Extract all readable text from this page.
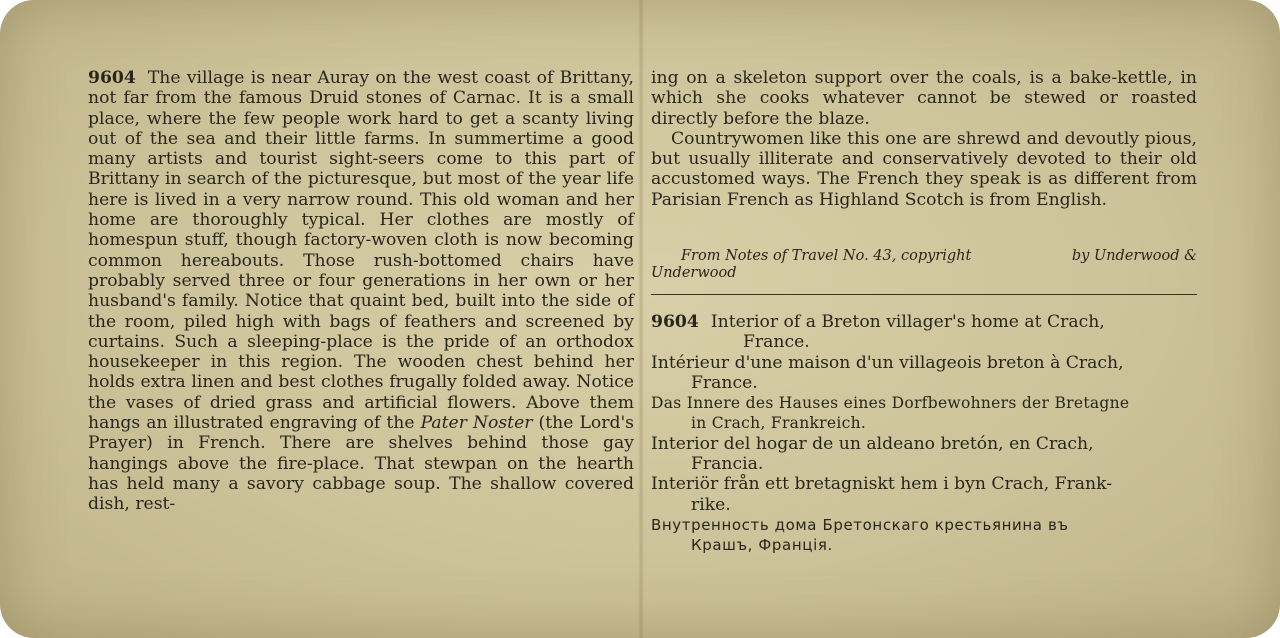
9604 The village is near Auray on the west coast of Brittany, not far from the famous Druid stones of Carnac. It is a small place, where the few people work hard to get a scanty living out of the sea and their little farms. In summertime a good many artists and tourist sight-seers come to this part of Brittany in search of the picturesque, but most of the year life here is lived in a very narrow round. This old woman and her home are thoroughly typical. Her clothes are mostly of homespun stuff, though factory-woven cloth is now becoming common hereabouts. Those rush-bottomed chairs have probably served three or four generations in her own or her husband's family. Notice that quaint bed, built into the side of the room, piled high with bags of feathers and screened by curtains. Such a sleeping-place is the pride of an orthodox housekeeper in this region. The wooden chest behind her holds extra linen and best clothes frugally folded away. Notice the vases of dried grass and artificial flowers. Above them hangs an illustrated engraving of the Pater Noster (the Lord's Prayer) in French. There are shelves behind those gay hangings above the fire-place. That stewpan on the hearth has held many a savory cabbage soup. The shallow covered dish, rest-

ing on a skeleton support over the coals, is a bake-kettle, in which she cooks whatever cannot be stewed or roasted directly before the blaze.

Countrywomen like this one are shrewd and devoutly pious, but usually illiterate and conservatively devoted to their old accustomed ways. The French they speak is as different from Parisian French as Highland Scotch is from English.

From Notes of Travel No. 43, copyright	by Underwood &
Underwood
9604 Interior of a Breton villager's home at Crach,
France.
Intérieur d'une maison d'un villageois breton à Crach,
France.
Das Innere des Hauses eines Dorfbewohners der Bretagne
in Crach, Frankreich.
Interior del hogar de un aldeano bretón, en Crach,
Francia.
Interiör från ett bretagniskt hem i byn Crach, Frank-
rike.
Внутренность дома Бретонскаго крестьянина въ
Крашъ, Франція.
